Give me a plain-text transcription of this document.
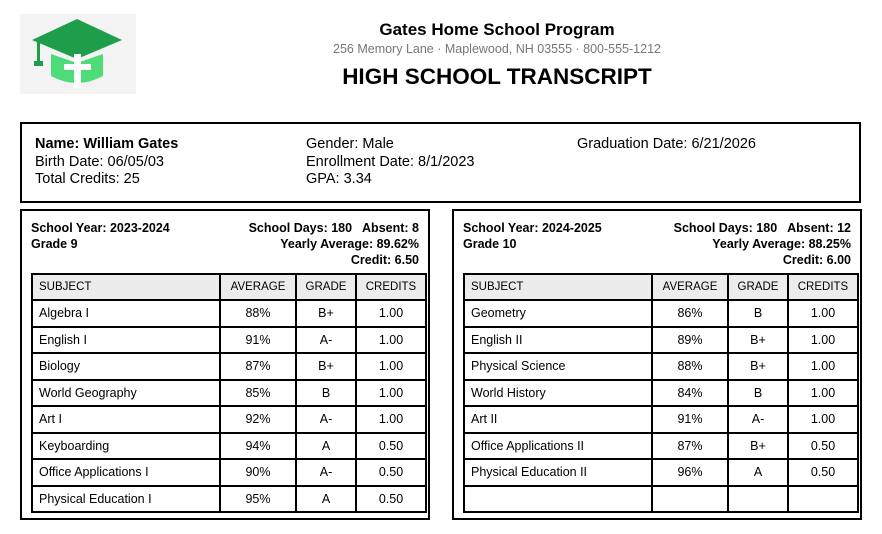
Gates Home School Program
256 Memory Lane · Maplewood, NH 03555 · 800-555-1212
HIGH SCHOOL TRANSCRIPT
Name: William Gates
Birth Date: 06/05/03
Total Credits: 25
Gender: Male
Enrollment Date: 8/1/2023
GPA: 3.34
Graduation Date: 6/21/2026
School Year: 2023-2024
Grade 9
School Days: 180   Absent: 8
Yearly Average: 89.62%
Credit: 6.50
SUBJECT	AVERAGE	GRADE	CREDITS
Algebra I	88%	B+	1.00
English I	91%	A-	1.00
Biology	87%	B+	1.00
World Geography	85%	B	1.00
Art I	92%	A-	1.00
Keyboarding	94%	A	0.50
Office Applications I	90%	A-	0.50
Physical Education I	95%	A	0.50
School Year: 2024-2025
Grade 10
School Days: 180   Absent: 12
Yearly Average: 88.25%
Credit: 6.00
SUBJECT	AVERAGE	GRADE	CREDITS
Geometry	86%	B	1.00
English II	89%	B+	1.00
Physical Science	88%	B+	1.00
World History	84%	B	1.00
Art II	91%	A-	1.00
Office Applications II	87%	B+	0.50
Physical Education II	96%	A	0.50
